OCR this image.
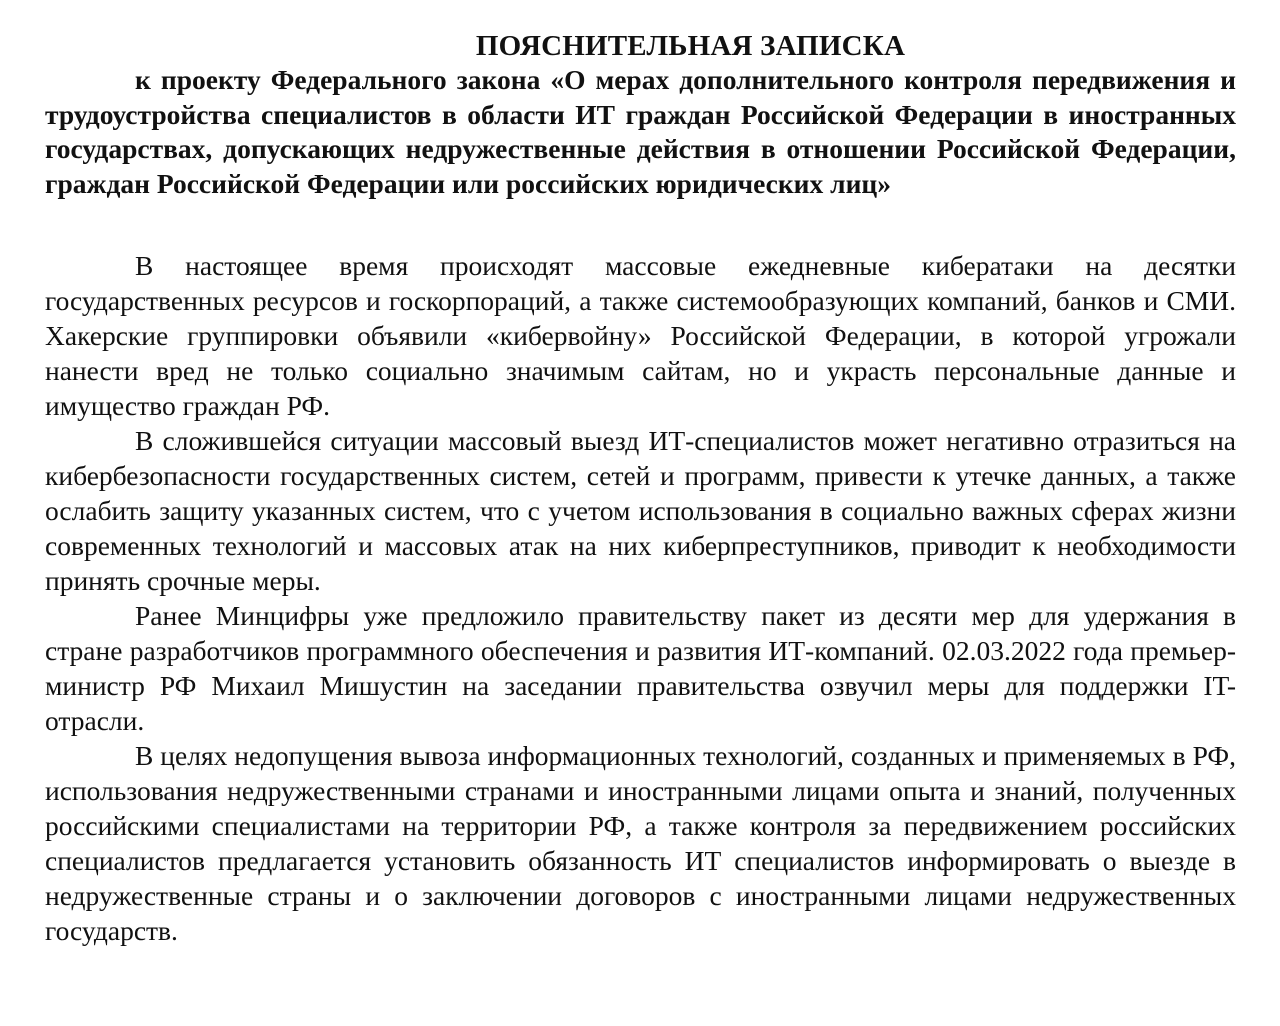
ПОЯСНИТЕЛЬНАЯ ЗАПИСКА

к проекту Федерального закона «О мерах дополнительного контроля передвижения и трудоустройства специалистов в области ИТ граждан Российской Федерации в иностранных государствах, допускающих недружественные действия в отношении Российской Федерации, граждан Российской Федерации или российских юридических лиц»

В настоящее время происходят массовые ежедневные кибератаки на десятки государственных ресурсов и госкорпораций, а также системообразующих компаний, банков и СМИ. Хакерские группировки объявили «кибервойну» Российской Федерации, в которой угрожали нанести вред не только социально значимым сайтам, но и украсть персональные данные и имущество граждан РФ.

В сложившейся ситуации массовый выезд ИТ-специалистов может негативно отразиться на кибербезопасности государственных систем, сетей и программ, привести к утечке данных, а также ослабить защиту указанных систем, что с учетом использования в социально важных сферах жизни современных технологий и массовых атак на них киберпреступников, приводит к необходимости принять срочные меры.

Ранее Минцифры уже предложило правительству пакет из десяти мер для удержания в стране разработчиков программного обеспечения и развития ИТ-компаний. 02.03.2022 года премьер-министр РФ Михаил Мишустин на заседании правительства озвучил меры для поддержки IT-отрасли.

В целях недопущения вывоза информационных технологий, созданных и применяемых в РФ, использования недружественными странами и иностранными лицами опыта и знаний, полученных российскими специалистами на территории РФ, а также контроля за передвижением российских специалистов предлагается установить обязанность ИТ специалистов информировать о выезде в недружественные страны и о заключении договоров с иностранными лицами недружественных государств.
